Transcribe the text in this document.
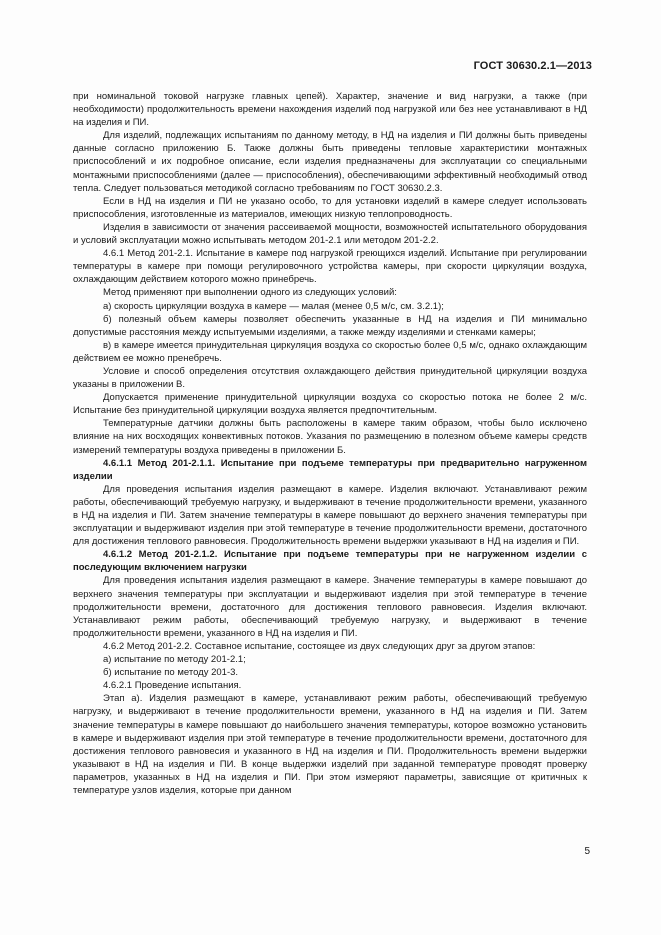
ГОСТ 30630.2.1—2013

при номинальной токовой нагрузке главных цепей). Характер, значение и вид нагрузки, а также (при необходимости) продолжительность времени нахождения изделий под нагрузкой или без нее устанавливают в НД на изделия и ПИ.

Для изделий, подлежащих испытаниям по данному методу, в НД на изделия и ПИ должны быть приведены данные согласно приложению Б. Также должны быть приведены тепловые характеристики монтажных приспособлений и их подробное описание, если изделия предназначены для эксплуатации со специальными монтажными приспособлениями (далее — приспособления), обеспечивающими эффективный необходимый отвод тепла. Следует пользоваться методикой согласно требованиям по ГОСТ 30630.2.3.

Если в НД на изделия и ПИ не указано особо, то для установки изделий в камере следует использовать приспособления, изготовленные из материалов, имеющих низкую теплопроводность.

Изделия в зависимости от значения рассеиваемой мощности, возможностей испытательного оборудования и условий эксплуатации можно испытывать методом 201-2.1 или методом 201-2.2.

4.6.1 Метод 201-2.1. Испытание в камере под нагрузкой греющихся изделий. Испытание при регулировании температуры в камере при помощи регулировочного устройства камеры, при скорости циркуляции воздуха, охлаждающим действием которого можно принебречь.

Метод применяют при выполнении одного из следующих условий:

а) скорость циркуляции воздуха в камере — малая (менее 0,5 м/с, см. 3.2.1);

б) полезный объем камеры позволяет обеспечить указанные в НД на изделия и ПИ минимально допустимые расстояния между испытуемыми изделиями, а также между изделиями и стенками камеры;

в) в камере имеется принудительная циркуляция воздуха со скоростью более 0,5 м/с, однако охлаждающим действием ее можно пренебречь.

Условие и способ определения отсутствия охлаждающего действия принудительной циркуляции воздуха указаны в приложении В.

Допускается применение принудительной циркуляции воздуха со скоростью потока не более 2 м/с. Испытание без принудительной циркуляции воздуха является предпочтительным.

Температурные датчики должны быть расположены в камере таким образом, чтобы было исключено влияние на них восходящих конвективных потоков. Указания по размещению в полезном объеме камеры средств измерений температуры воздуха приведены в приложении Б.

4.6.1.1 Метод 201-2.1.1. Испытание при подъеме температуры при предварительно нагруженном изделии

Для проведения испытания изделия размещают в камере. Изделия включают. Устанавливают режим работы, обеспечивающий требуемую нагрузку, и выдерживают в течение продолжительности времени, указанного в НД на изделия и ПИ. Затем значение температуры в камере повышают до верхнего значения температуры при эксплуатации и выдерживают изделия при этой температуре в течение продолжительности времени, достаточного для достижения теплового равновесия. Продолжительность времени выдержки указывают в НД на изделия и ПИ.

4.6.1.2 Метод 201-2.1.2. Испытание при подъеме температуры при не нагруженном изделии с последующим включением нагрузки

Для проведения испытания изделия размещают в камере. Значение температуры в камере повышают до верхнего значения температуры при эксплуатации и выдерживают изделия при этой температуре в течение продолжительности времени, достаточного для достижения теплового равновесия. Изделия включают. Устанавливают режим работы, обеспечивающий требуемую нагрузку, и выдерживают в течение продолжительности времени, указанного в НД на изделия и ПИ.

4.6.2 Метод 201-2.2. Составное испытание, состоящее из двух следующих друг за другом этапов:

а) испытание по методу 201-2.1;

б) испытание по методу 201-3.

4.6.2.1 Проведение испытания.

Этап а). Изделия размещают в камере, устанавливают режим работы, обеспечивающий требуемую нагрузку, и выдерживают в течение продолжительности времени, указанного в НД на изделия и ПИ. Затем значение температуры в камере повышают до наибольшего значения температуры, которое возможно установить в камере и выдерживают изделия при этой температуре в течение продолжительности времени, достаточного для достижения теплового равновесия и указанного в НД на изделия и ПИ. Продолжительность времени выдержки указывают в НД на изделия и ПИ. В конце выдержки изделий при заданной температуре проводят проверку параметров, указанных в НД на изделия и ПИ. При этом измеряют параметры, зависящие от критичных к температуре узлов изделия, которые при данном

5
